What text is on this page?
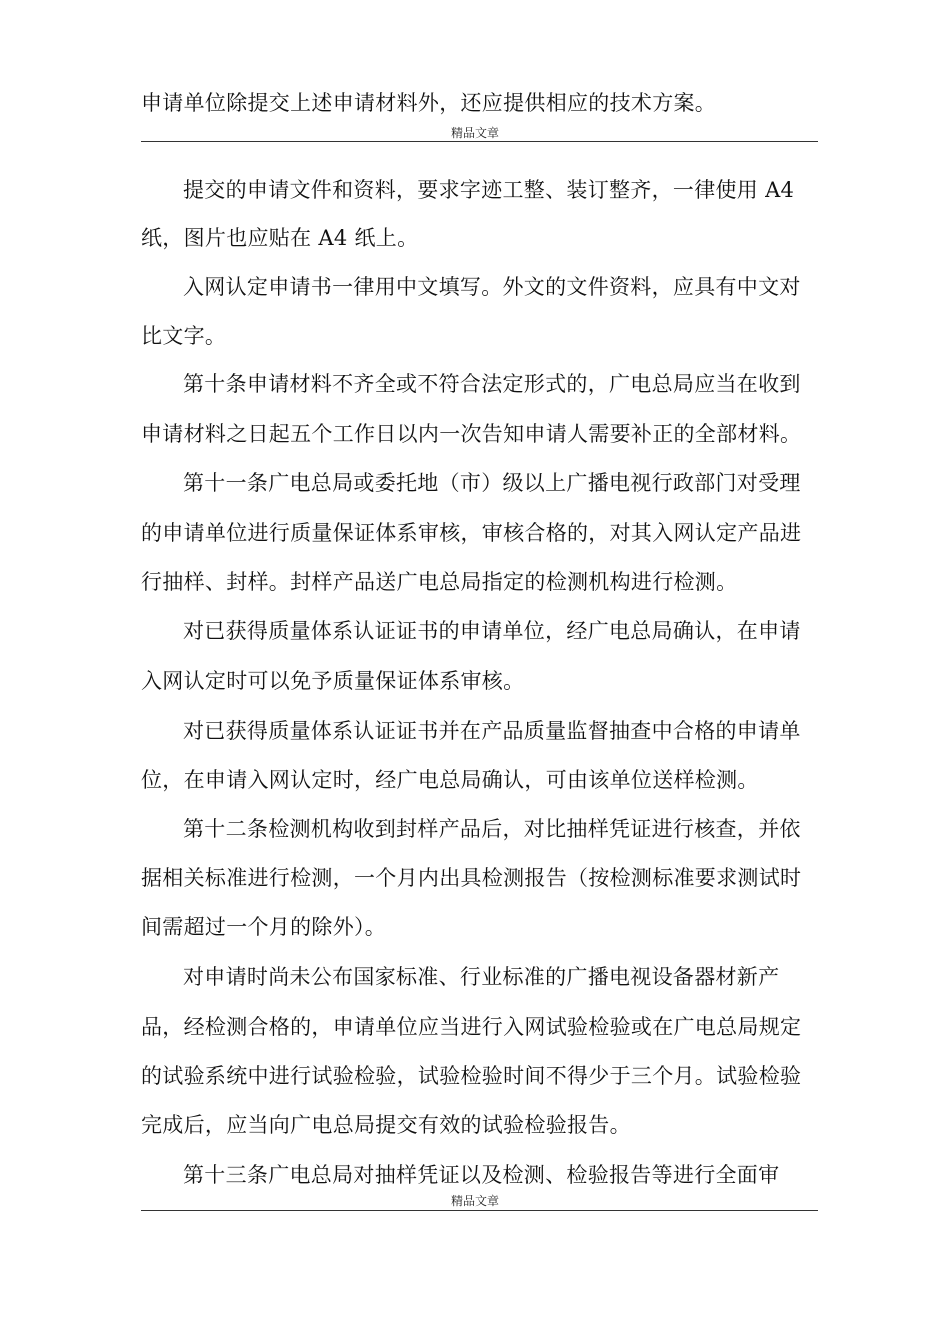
申请单位除提交上述申请材料外，还应提供相应的技术方案。
精品文章
提交的申请文件和资料，要求字迹工整、装订整齐，一律使用 A4
纸，图片也应贴在 A4 纸上。
入网认定申请书一律用中文填写。外文的文件资料，应具有中文对
比文字。
第十条申请材料不齐全或不符合法定形式的，广电总局应当在收到
申请材料之日起五个工作日以内一次告知申请人需要补正的全部材料。
第十一条广电总局或委托地（市）级以上广播电视行政部门对受理
的申请单位进行质量保证体系审核，审核合格的，对其入网认定产品进
行抽样、封样。封样产品送广电总局指定的检测机构进行检测。
对已获得质量体系认证证书的申请单位，经广电总局确认，在申请
入网认定时可以免予质量保证体系审核。
对已获得质量体系认证证书并在产品质量监督抽查中合格的申请单
位，在申请入网认定时，经广电总局确认，可由该单位送样检测。
第十二条检测机构收到封样产品后，对比抽样凭证进行核查，并依
据相关标准进行检测，一个月内出具检测报告（按检测标准要求测试时
间需超过一个月的除外）。
对申请时尚未公布国家标准、行业标准的广播电视设备器材新产
品，经检测合格的，申请单位应当进行入网试验检验或在广电总局规定
的试验系统中进行试验检验，试验检验时间不得少于三个月。试验检验
完成后，应当向广电总局提交有效的试验检验报告。
第十三条广电总局对抽样凭证以及检测、检验报告等进行全面审
精品文章
